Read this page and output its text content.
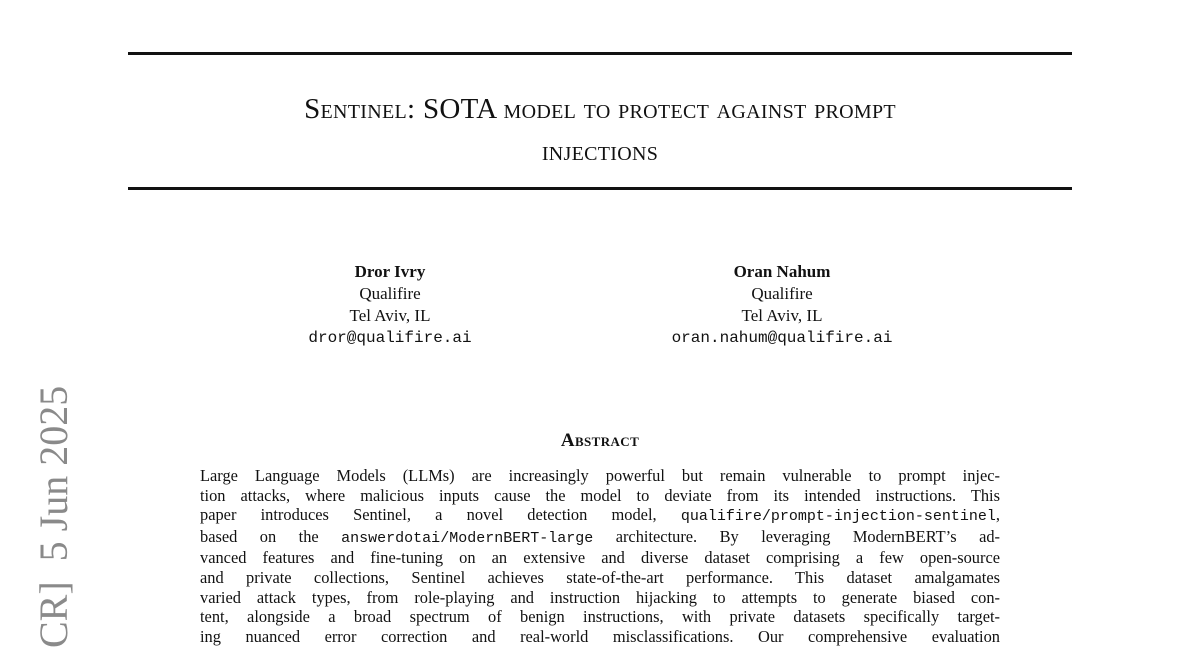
Sentinel: SOTA model to protect against prompt
injections
Dror Ivry
Qualifire
Tel Aviv, IL
dror@qualifire.ai
Oran Nahum
Qualifire
Tel Aviv, IL
oran.nahum@qualifire.ai
CR]  5 Jun 2025	Abstract
Large Language Models (LLMs) are increasingly powerful but remain vulnerable to prompt injec-
tion attacks, where malicious inputs cause the model to deviate from its intended instructions. This
paper introduces Sentinel, a novel detection model, qualifire/prompt-injection-sentinel,
based on the answerdotai/ModernBERT-large architecture. By leveraging ModernBERT’s ad-
vanced features and fine-tuning on an extensive and diverse dataset comprising a few open-source
and private collections, Sentinel achieves state-of-the-art performance. This dataset amalgamates
varied attack types, from role-playing and instruction hijacking to attempts to generate biased con-
tent, alongside a broad spectrum of benign instructions, with private datasets specifically target-
ing nuanced error correction and real-world misclassifications. Our comprehensive evaluation
